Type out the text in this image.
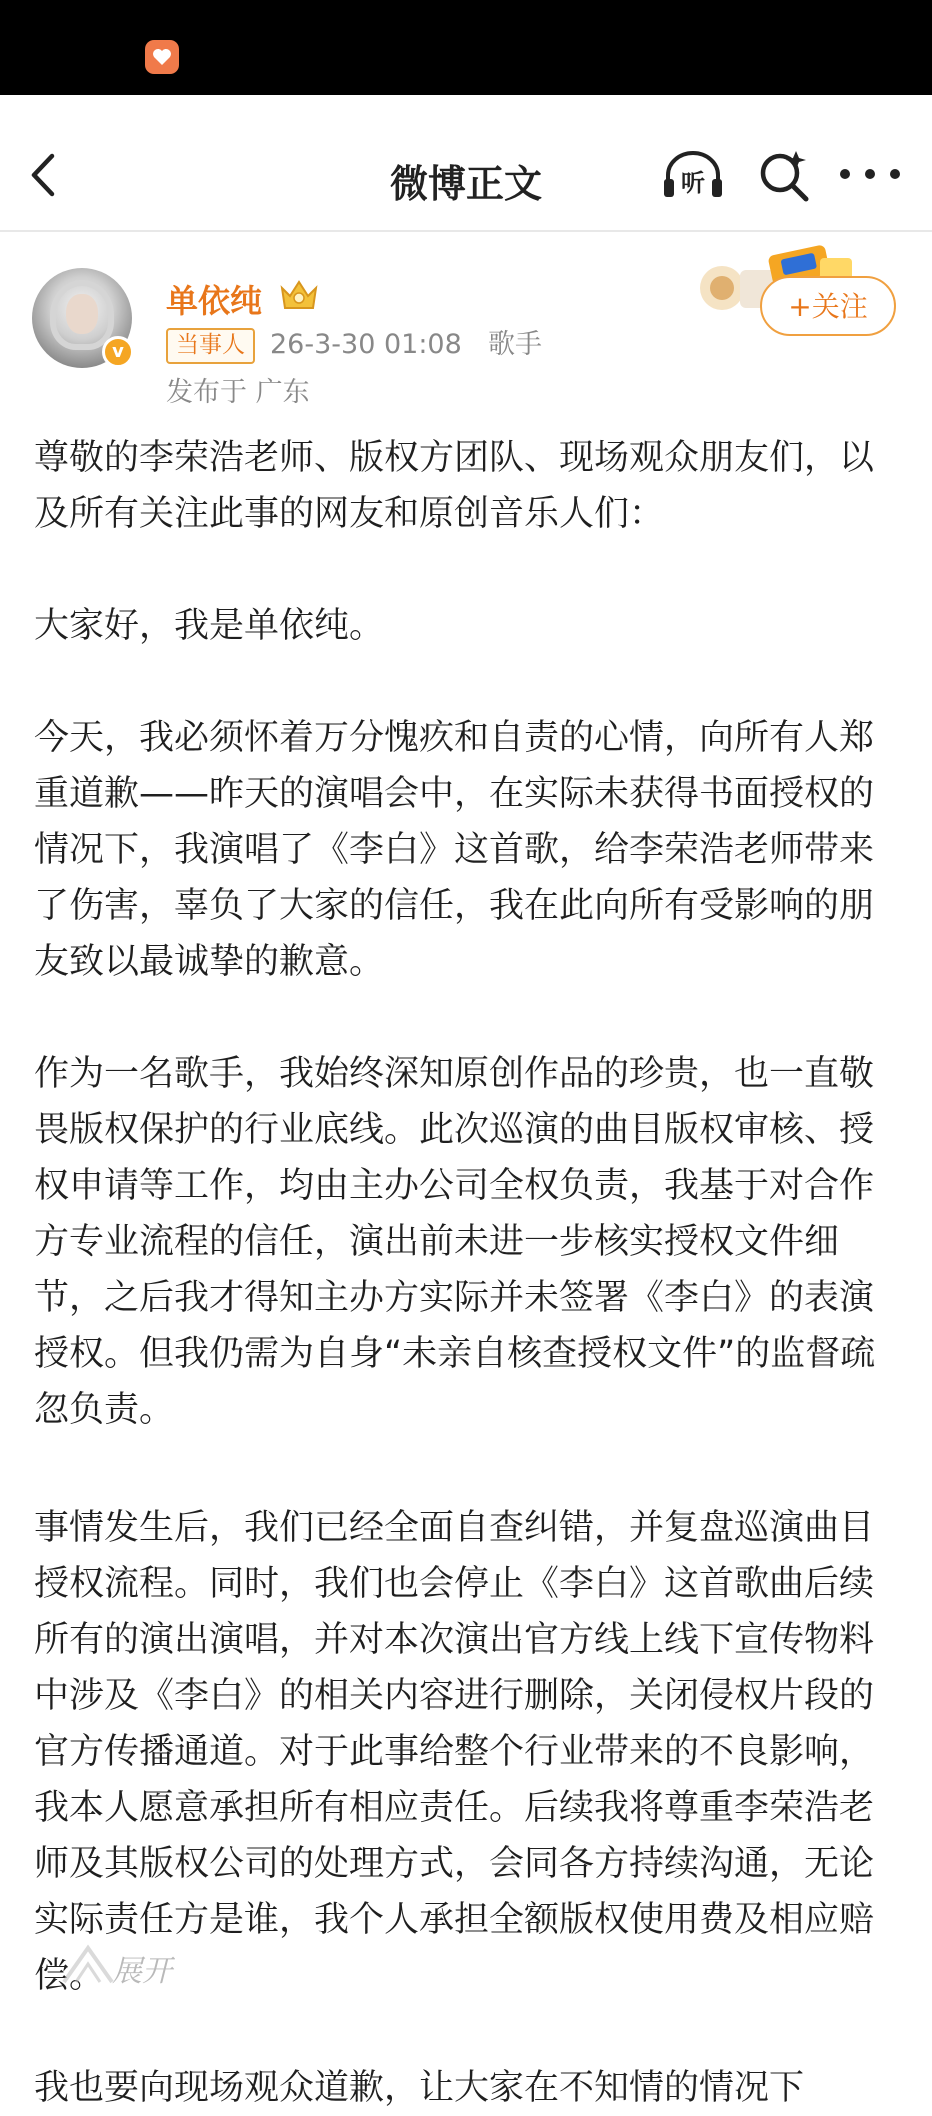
微博正文	听
v
单依纯
当事人 26-3-30 01:08 歌手
发布于 广东
+关注

尊敬的李荣浩老师、版权方团队、现场观众朋友们，以及所有关注此事的网友和原创音乐人们：

大家好，我是单依纯。

今天，我必须怀着万分愧疚和自责的心情，向所有人郑重道歉——昨天的演唱会中，在实际未获得书面授权的情况下，我演唱了《李白》这首歌，给李荣浩老师带来了伤害，辜负了大家的信任，我在此向所有受影响的朋友致以最诚挚的歉意。

作为一名歌手，我始终深知原创作品的珍贵，也一直敬畏版权保护的行业底线。此次巡演的曲目版权审核、授权申请等工作，均由主办公司全权负责，我基于对合作方专业流程的信任，演出前未进一步核实授权文件细节，之后我才得知主办方实际并未签署《李白》的表演授权。但我仍需为自身“未亲自核查授权文件”的监督疏忽负责。

事情发生后，我们已经全面自查纠错，并复盘巡演曲目授权流程。同时，我们也会停止《李白》这首歌曲后续所有的演出演唱，并对本次演出官方线上线下宣传物料中涉及《李白》的相关内容进行删除，关闭侵权片段的官方传播通道。对于此事给整个行业带来的不良影响，我本人愿意承担所有相应责任。后续我将尊重李荣浩老师及其版权公司的处理方式，会同各方持续沟通，无论实际责任方是谁，我个人承担全额版权使用费及相应赔偿。

我也要向现场观众道歉，让大家在不知情的情况下

展开
